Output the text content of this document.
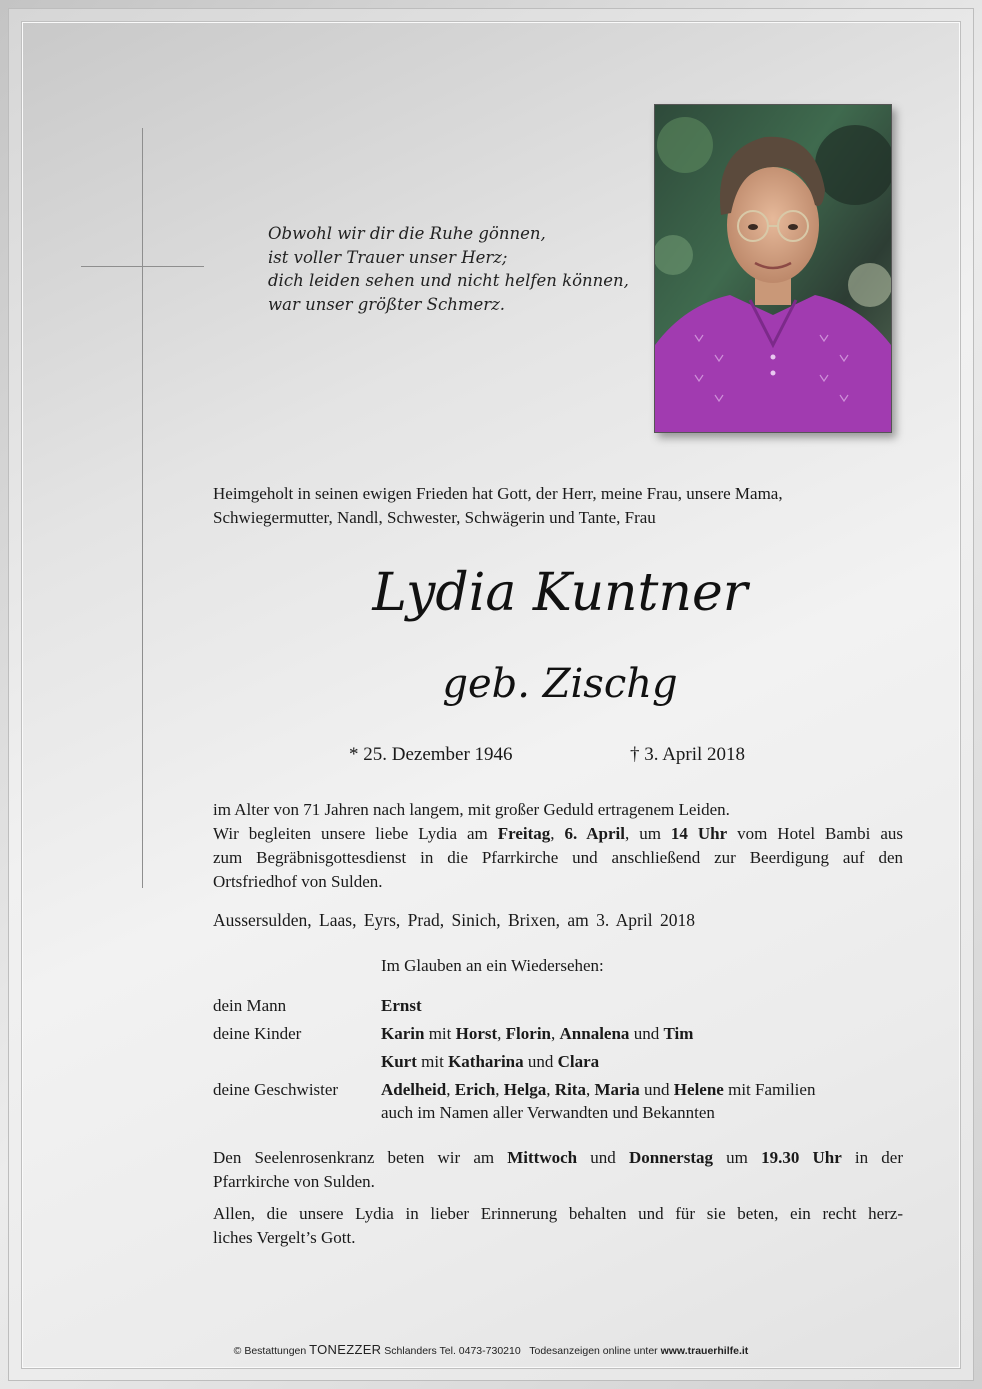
Obwohl wir dir die Ruhe gönnen,
ist voller Trauer unser Herz;
dich leiden sehen und nicht helfen können,
war unser größter Schmerz.
Heimgeholt in seinen ewigen Frieden hat Gott, der Herr, meine Frau, unsere Mama,
Schwiegermutter, Nandl, Schwester, Schwägerin und Tante, Frau
Lydia Kuntner
geb. Zischg
* 25. Dezember 1946	† 3. April 2018
im Alter von 71 Jahren nach langem, mit großer Geduld ertragenem Leiden.
Wir begleiten unsere liebe Lydia am Freitag, 6. April, um 14 Uhr vom Hotel Bambi aus
zum Begräbnisgottesdienst in die Pfarrkirche und anschließend zur Beerdigung auf den
Ortsfriedhof von Sulden.
Aussersulden, Laas, Eyrs, Prad, Sinich, Brixen, am 3. April 2018
Im Glauben an ein Wiedersehen:
dein Mann	Ernst
deine Kinder	Karin mit Horst, Florin, Annalena und Tim
Kurt mit Katharina und Clara
deine Geschwister	Adelheid, Erich, Helga, Rita, Maria und Helene mit Familien
auch im Namen aller Verwandten und Bekannten
Den Seelenrosenkranz beten wir am Mittwoch und Donnerstag um 19.30 Uhr in der
Pfarrkirche von Sulden.
Allen, die unsere Lydia in lieber Erinnerung behalten und für sie beten, ein recht herz-
liches Vergelt’s Gott.
© Bestattungen TONEZZER Schlanders Tel. 0473-730210   Todesanzeigen online unter www.trauerhilfe.it
